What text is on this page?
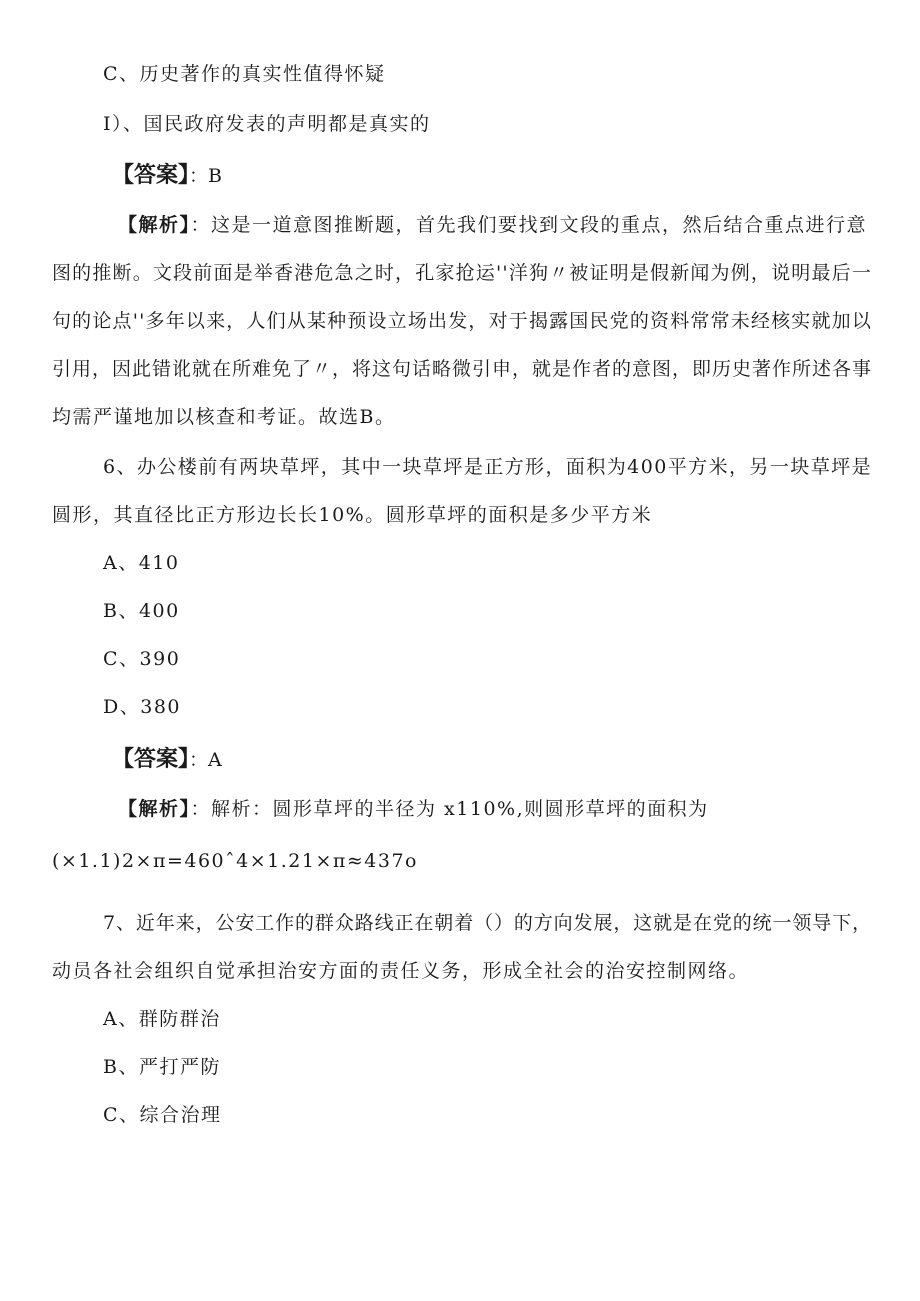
C、历史著作的真实性值得怀疑
I）、国民政府发表的声明都是真实的
【答案】：B
【解析】：这是一道意图推断题，首先我们要找到文段的重点，然后结合重点进行意
图的推断。文段前面是举香港危急之时，孔家抢运''洋狗〃被证明是假新闻为例，说明最后一
句的论点''多年以来，人们从某种预设立场出发，对于揭露国民党的资料常常未经核实就加以
引用，因此错讹就在所难免了〃，将这句话略微引申，就是作者的意图，即历史著作所述各事
均需严谨地加以核查和考证。故选B。
6、办公楼前有两块草坪，其中一块草坪是正方形，面积为400平方米，另一块草坪是
圆形，其直径比正方形边长长10%。圆形草坪的面积是多少平方米
A、410
B、400
C、390
D、380
【答案】：A
【解析】：解析：圆形草坪的半径为 x110%,则圆形草坪的面积为
(×1.1)2×π=460ˆ4×1.21×π≈437o
7、近年来，公安工作的群众路线正在朝着（）的方向发展，这就是在党的统一领导下，
动员各社会组织自觉承担治安方面的责任义务，形成全社会的治安控制网络。
A、群防群治
B、严打严防
C、综合治理
